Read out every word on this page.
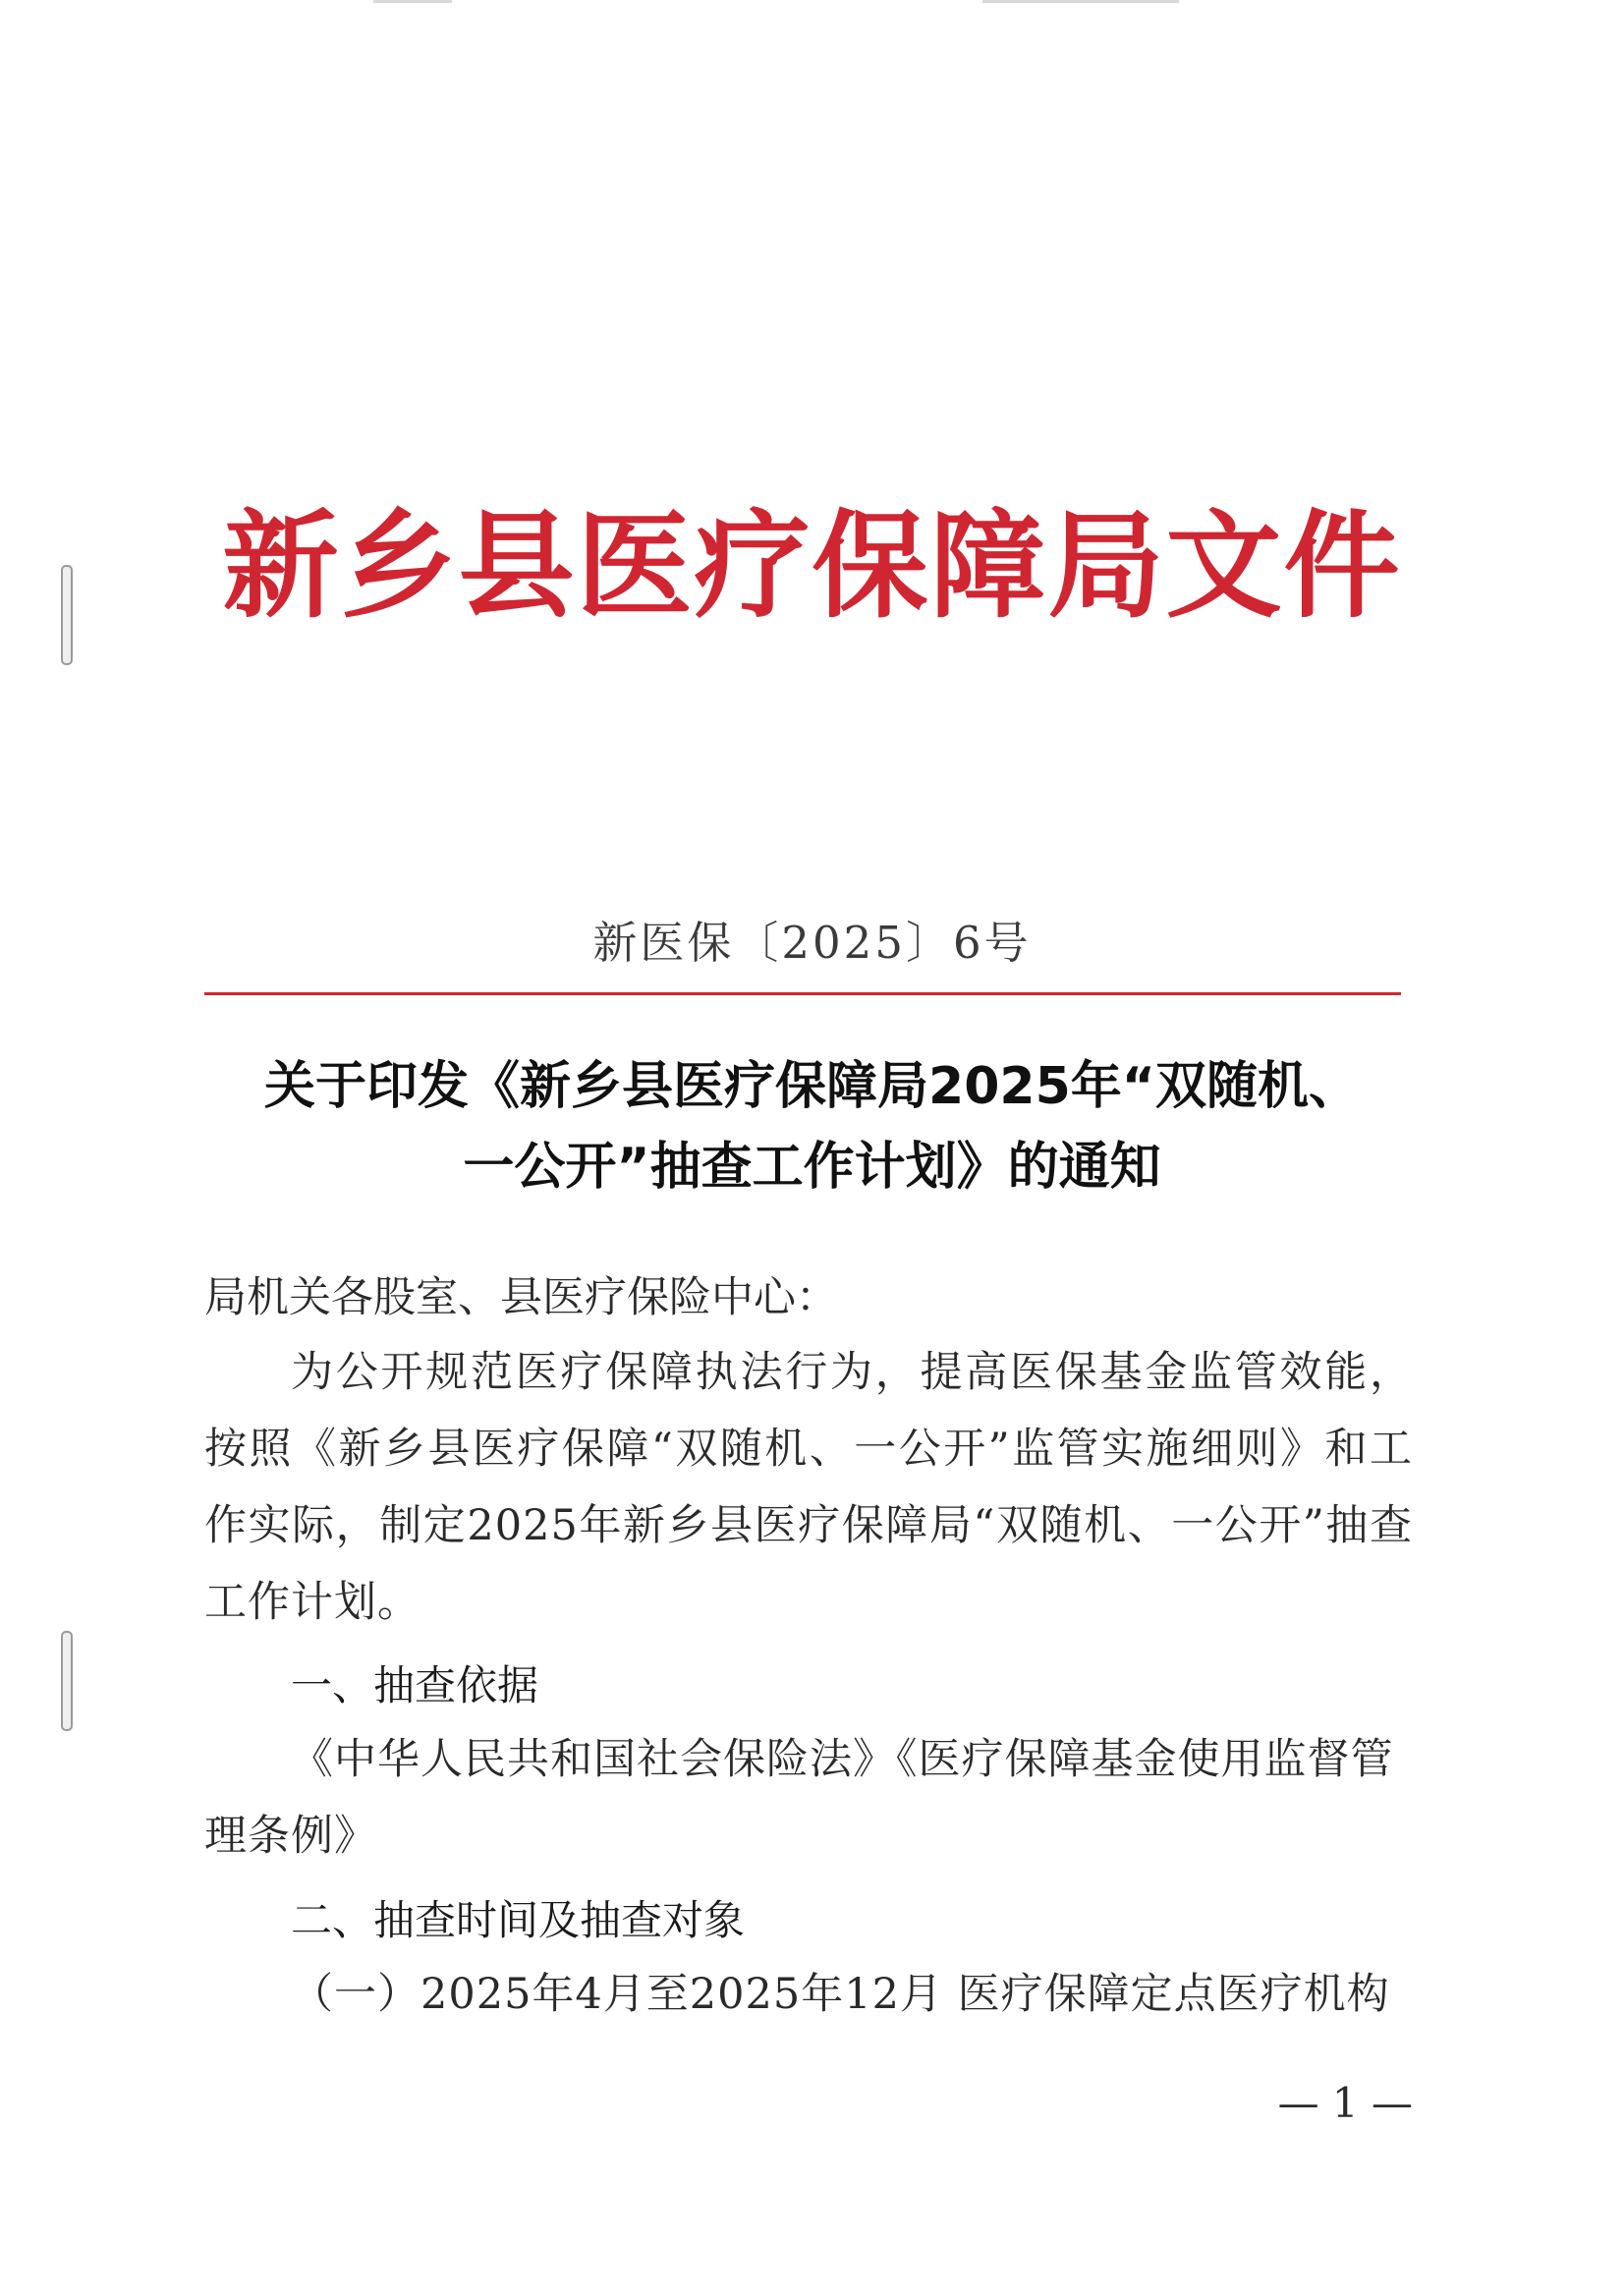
新乡县医疗保障局文件
新医保〔2025〕6号
关于印发《新乡县医疗保障局2025年“双随机、
一公开”抽查工作计划》的通知
局机关各股室、县医疗保险中心：
为公开规范医疗保障执法行为，提高医保基金监管效能，按照《新乡县医疗保障“双随机、一公开”监管实施细则》和工作实际，制定2025年新乡县医疗保障局“双随机、一公开”抽查工作计划。
一、抽查依据
《中华人民共和国社会保险法》《医疗保障基金使用监督管理条例》
二、抽查时间及抽查对象
（一）2025年4月至2025年12月 医疗保障定点医疗机构
— 1 —
